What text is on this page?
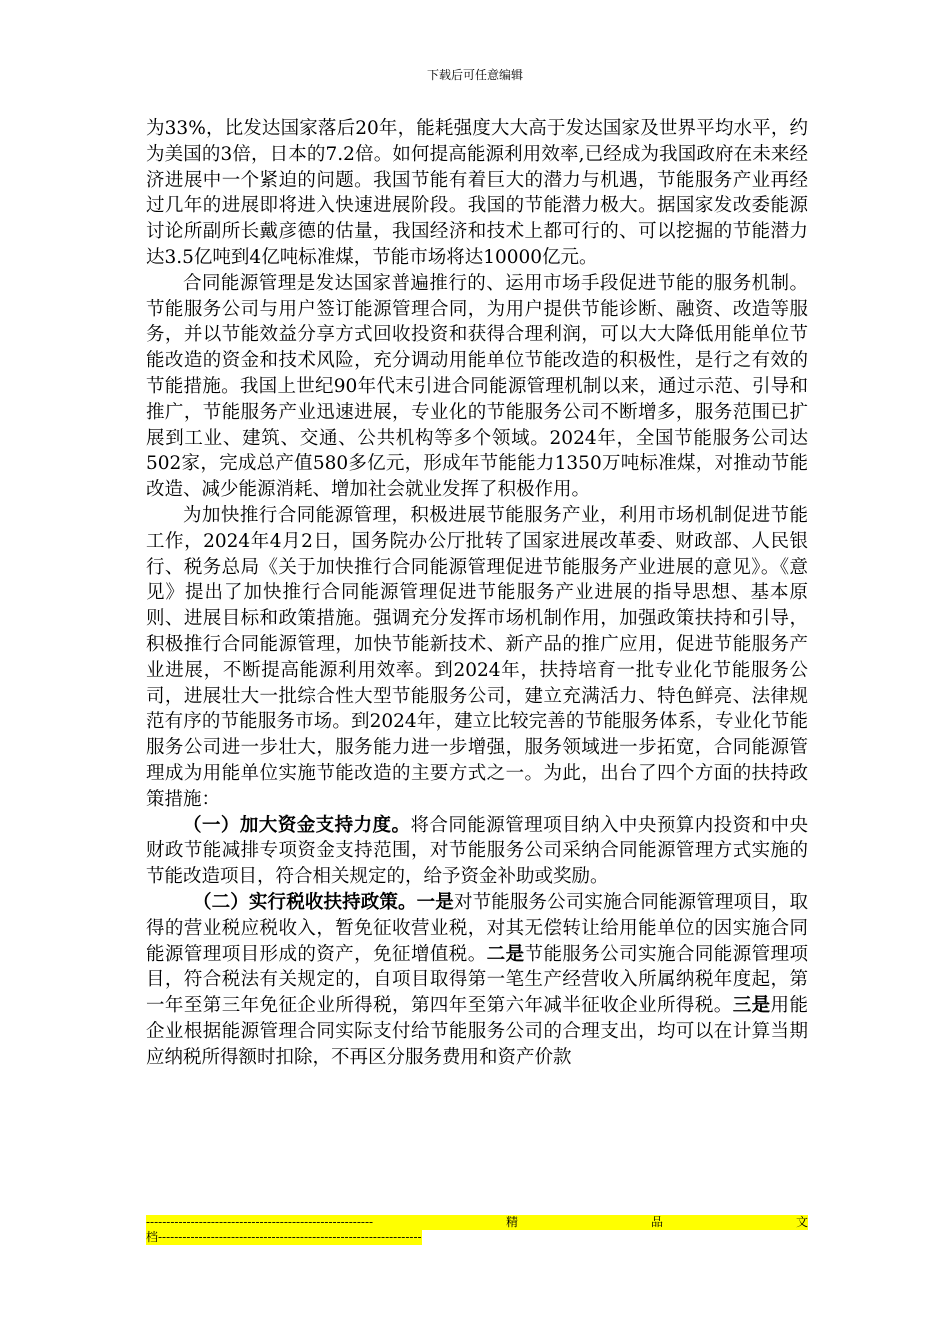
下载后可任意编辑

为33%，比发达国家落后20年，能耗强度大大高于发达国家及世界平均水平，约为美国的3倍，日本的7.2倍。如何提高能源利用效率,已经成为我国政府在未来经济进展中一个紧迫的问题。我国节能有着巨大的潜力与机遇，节能服务产业再经过几年的进展即将进入快速进展阶段。我国的节能潜力极大。据国家发改委能源讨论所副所长戴彦德的估量，我国经济和技术上都可行的、可以挖掘的节能潜力达3.5亿吨到4亿吨标准煤，节能市场将达10000亿元。

合同能源管理是发达国家普遍推行的、运用市场手段促进节能的服务机制。节能服务公司与用户签订能源管理合同，为用户提供节能诊断、融资、改造等服务，并以节能效益分享方式回收投资和获得合理利润，可以大大降低用能单位节能改造的资金和技术风险，充分调动用能单位节能改造的积极性，是行之有效的节能措施。我国上世纪90年代末引进合同能源管理机制以来，通过示范、引导和推广，节能服务产业迅速进展，专业化的节能服务公司不断增多，服务范围已扩展到工业、建筑、交通、公共机构等多个领域。2024年，全国节能服务公司达502家，完成总产值580多亿元，形成年节能能力1350万吨标准煤，对推动节能改造、减少能源消耗、增加社会就业发挥了积极作用。

为加快推行合同能源管理，积极进展节能服务产业，利用市场机制促进节能工作，2024年4月2日，国务院办公厅批转了国家进展改革委、财政部、人民银行、税务总局《关于加快推行合同能源管理促进节能服务产业进展的意见》。《意见》提出了加快推行合同能源管理促进节能服务产业进展的指导思想、基本原则、进展目标和政策措施。强调充分发挥市场机制作用，加强政策扶持和引导，积极推行合同能源管理，加快节能新技术、新产品的推广应用，促进节能服务产业进展，不断提高能源利用效率。到2024年，扶持培育一批专业化节能服务公司，进展壮大一批综合性大型节能服务公司，建立充满活力、特色鲜亮、法律规范有序的节能服务市场。到2024年，建立比较完善的节能服务体系，专业化节能服务公司进一步壮大，服务能力进一步增强，服务领域进一步拓宽，合同能源管理成为用能单位实施节能改造的主要方式之一。为此，出台了四个方面的扶持政策措施：

（一）加大资金支持力度。将合同能源管理项目纳入中央预算内投资和中央财政节能减排专项资金支持范围，对节能服务公司采纳合同能源管理方式实施的节能改造项目，符合相关规定的，给予资金补助或奖励。

（二）实行税收扶持政策。一是对节能服务公司实施合同能源管理项目，取得的营业税应税收入，暂免征收营业税，对其无偿转让给用能单位的因实施合同能源管理项目形成的资产，免征增值税。二是节能服务公司实施合同能源管理项目，符合税法有关规定的，自项目取得第一笔生产经营收入所属纳税年度起，第一年至第三年免征企业所得税，第四年至第六年减半征收企业所得税。三是用能企业根据能源管理合同实际支付给节能服务公司的合理支出，均可以在计算当期应纳税所得额时扣除，不再区分服务费用和资产价款

--------------------------------------------------------	精	品	文
档-----------------------------------------------------------------
